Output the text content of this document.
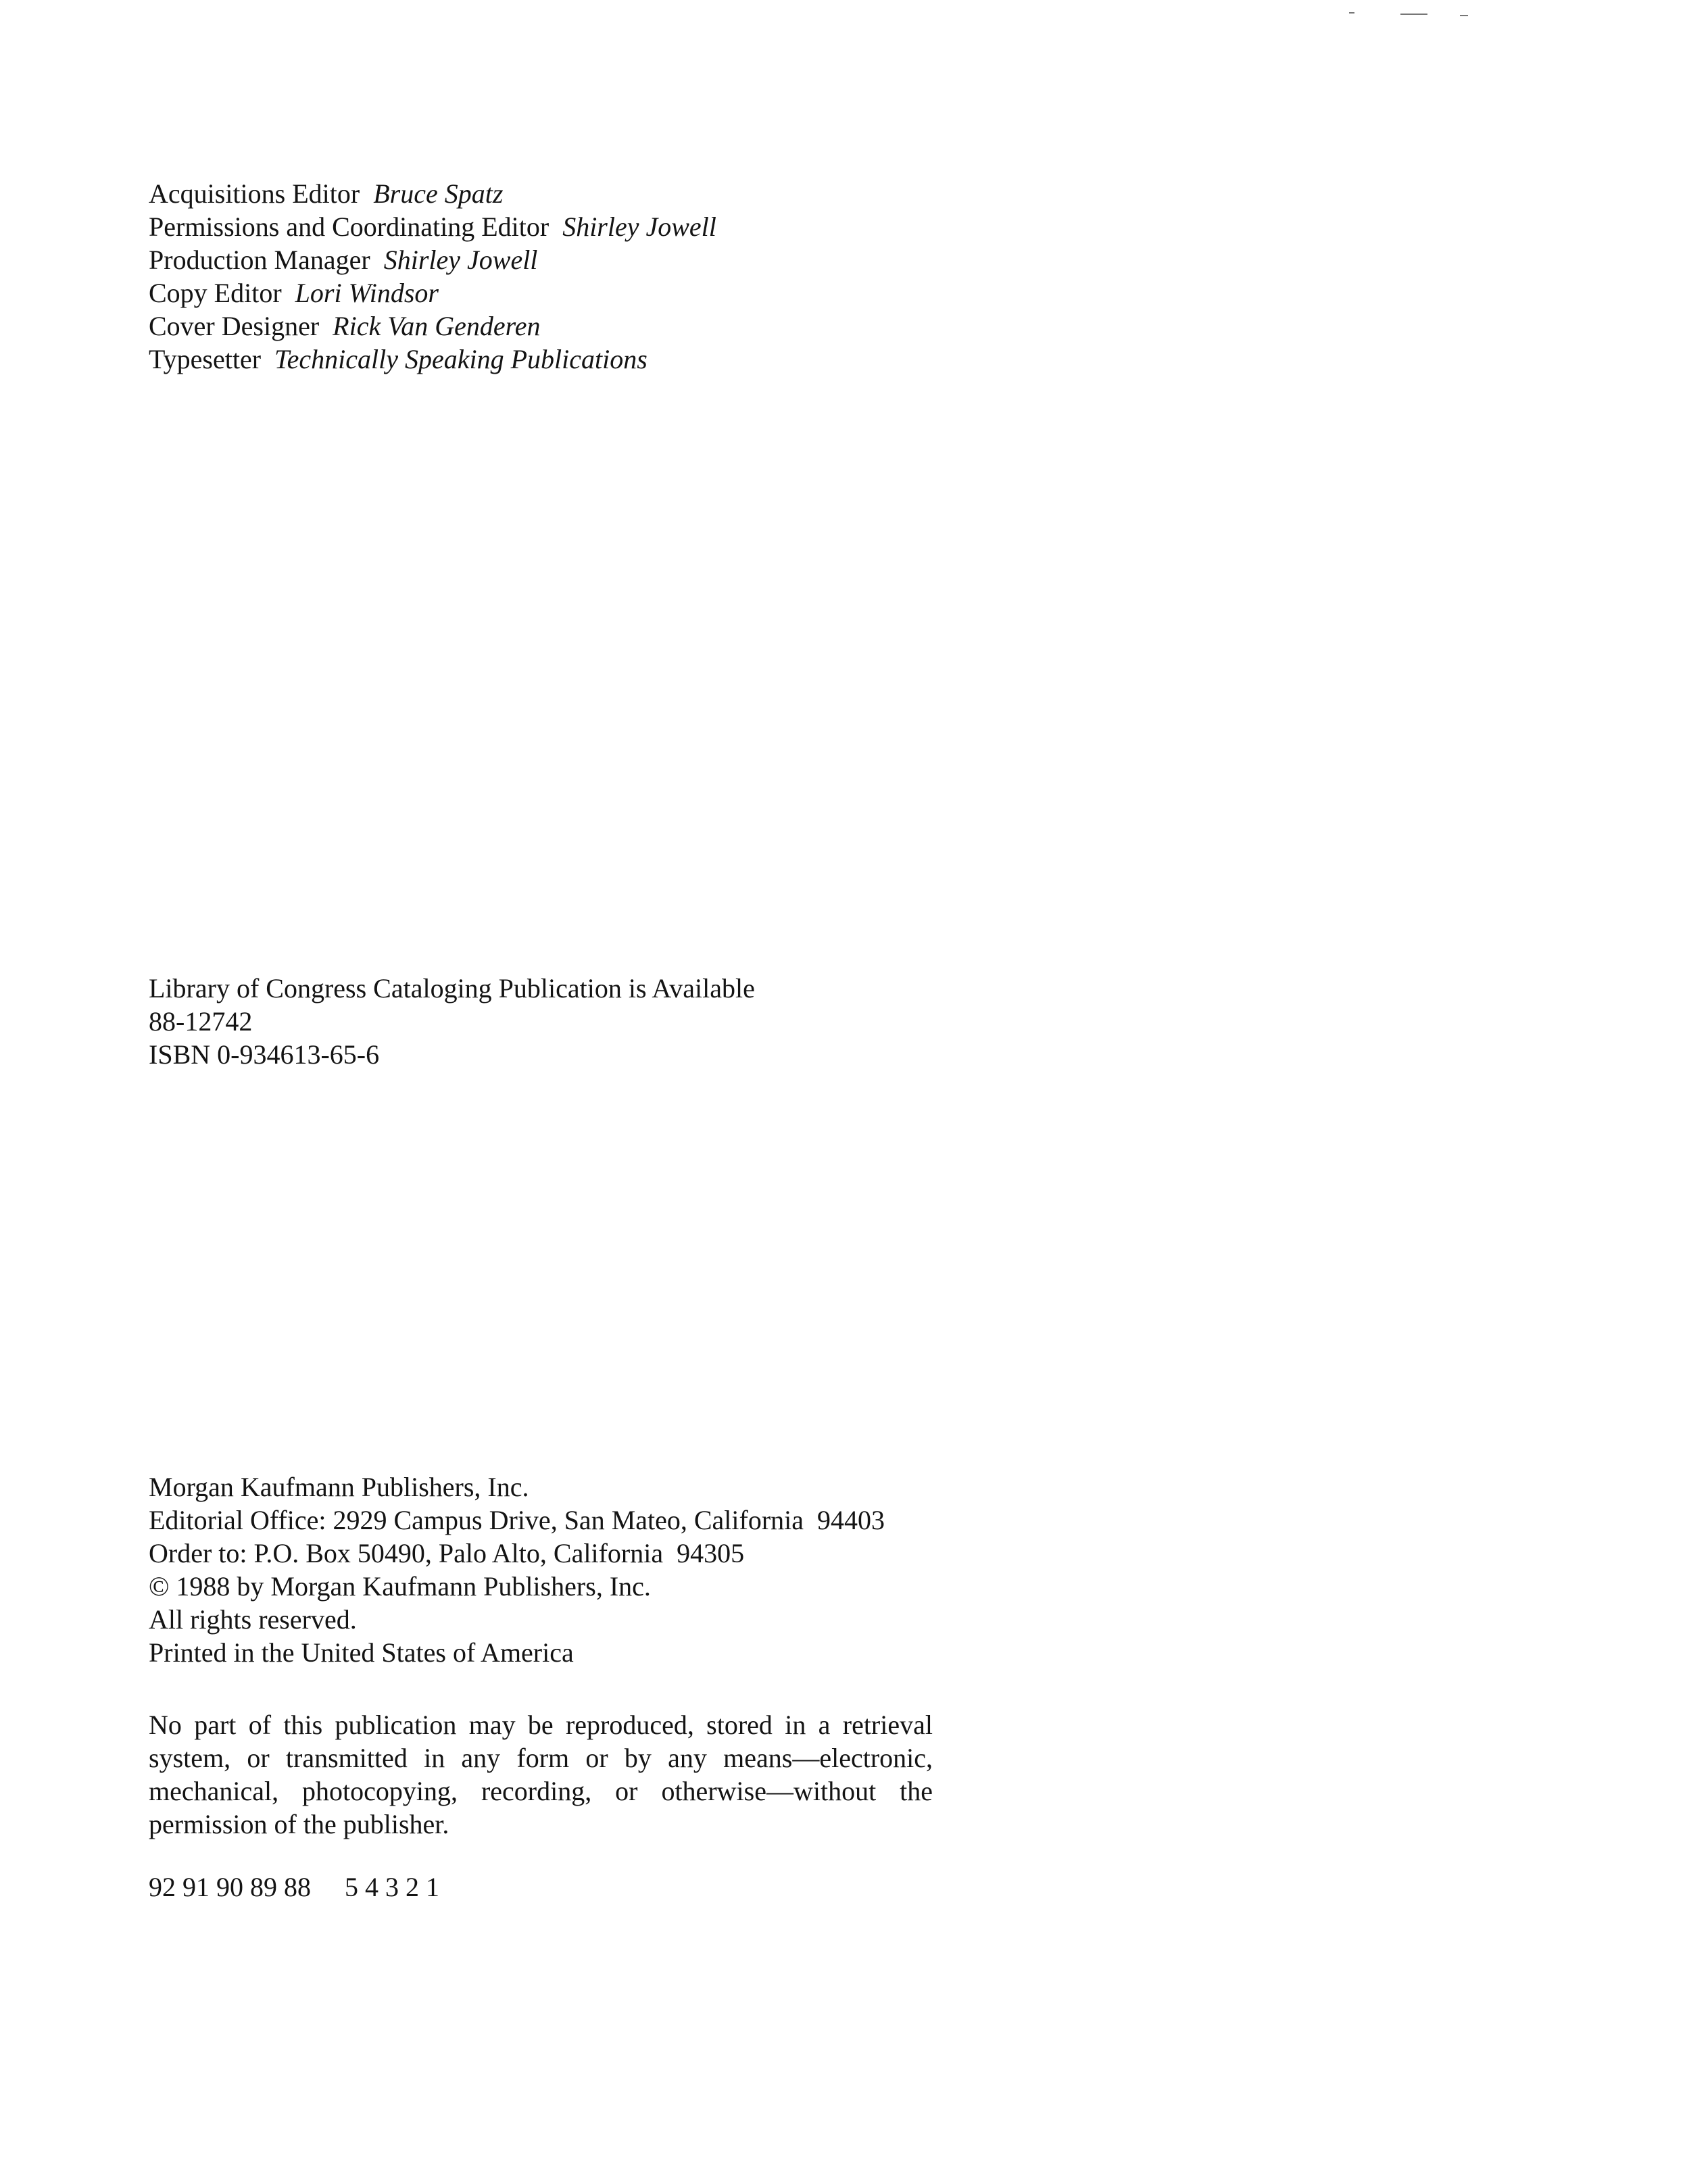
Acquisitions Editor Bruce Spatz
Permissions and Coordinating Editor Shirley Jowell
Production Manager Shirley Jowell
Copy Editor Lori Windsor
Cover Designer Rick Van Genderen
Typesetter Technically Speaking Publications
Library of Congress Cataloging Publication is Available
88-12742
ISBN 0-934613-65-6
Morgan Kaufmann Publishers, Inc.
Editorial Office: 2929 Campus Drive, San Mateo, California  94403
Order to: P.O. Box 50490, Palo Alto, California  94305
© 1988 by Morgan Kaufmann Publishers, Inc.
All rights reserved.
Printed in the United States of America
No part of this publication may be reproduced, stored in a retrieval system, or transmitted in any form or by any means—electronic, mechanical, photocopying, recording, or otherwise—without the permission of the publisher.
92 91 90 89 88     5 4 3 2 1
